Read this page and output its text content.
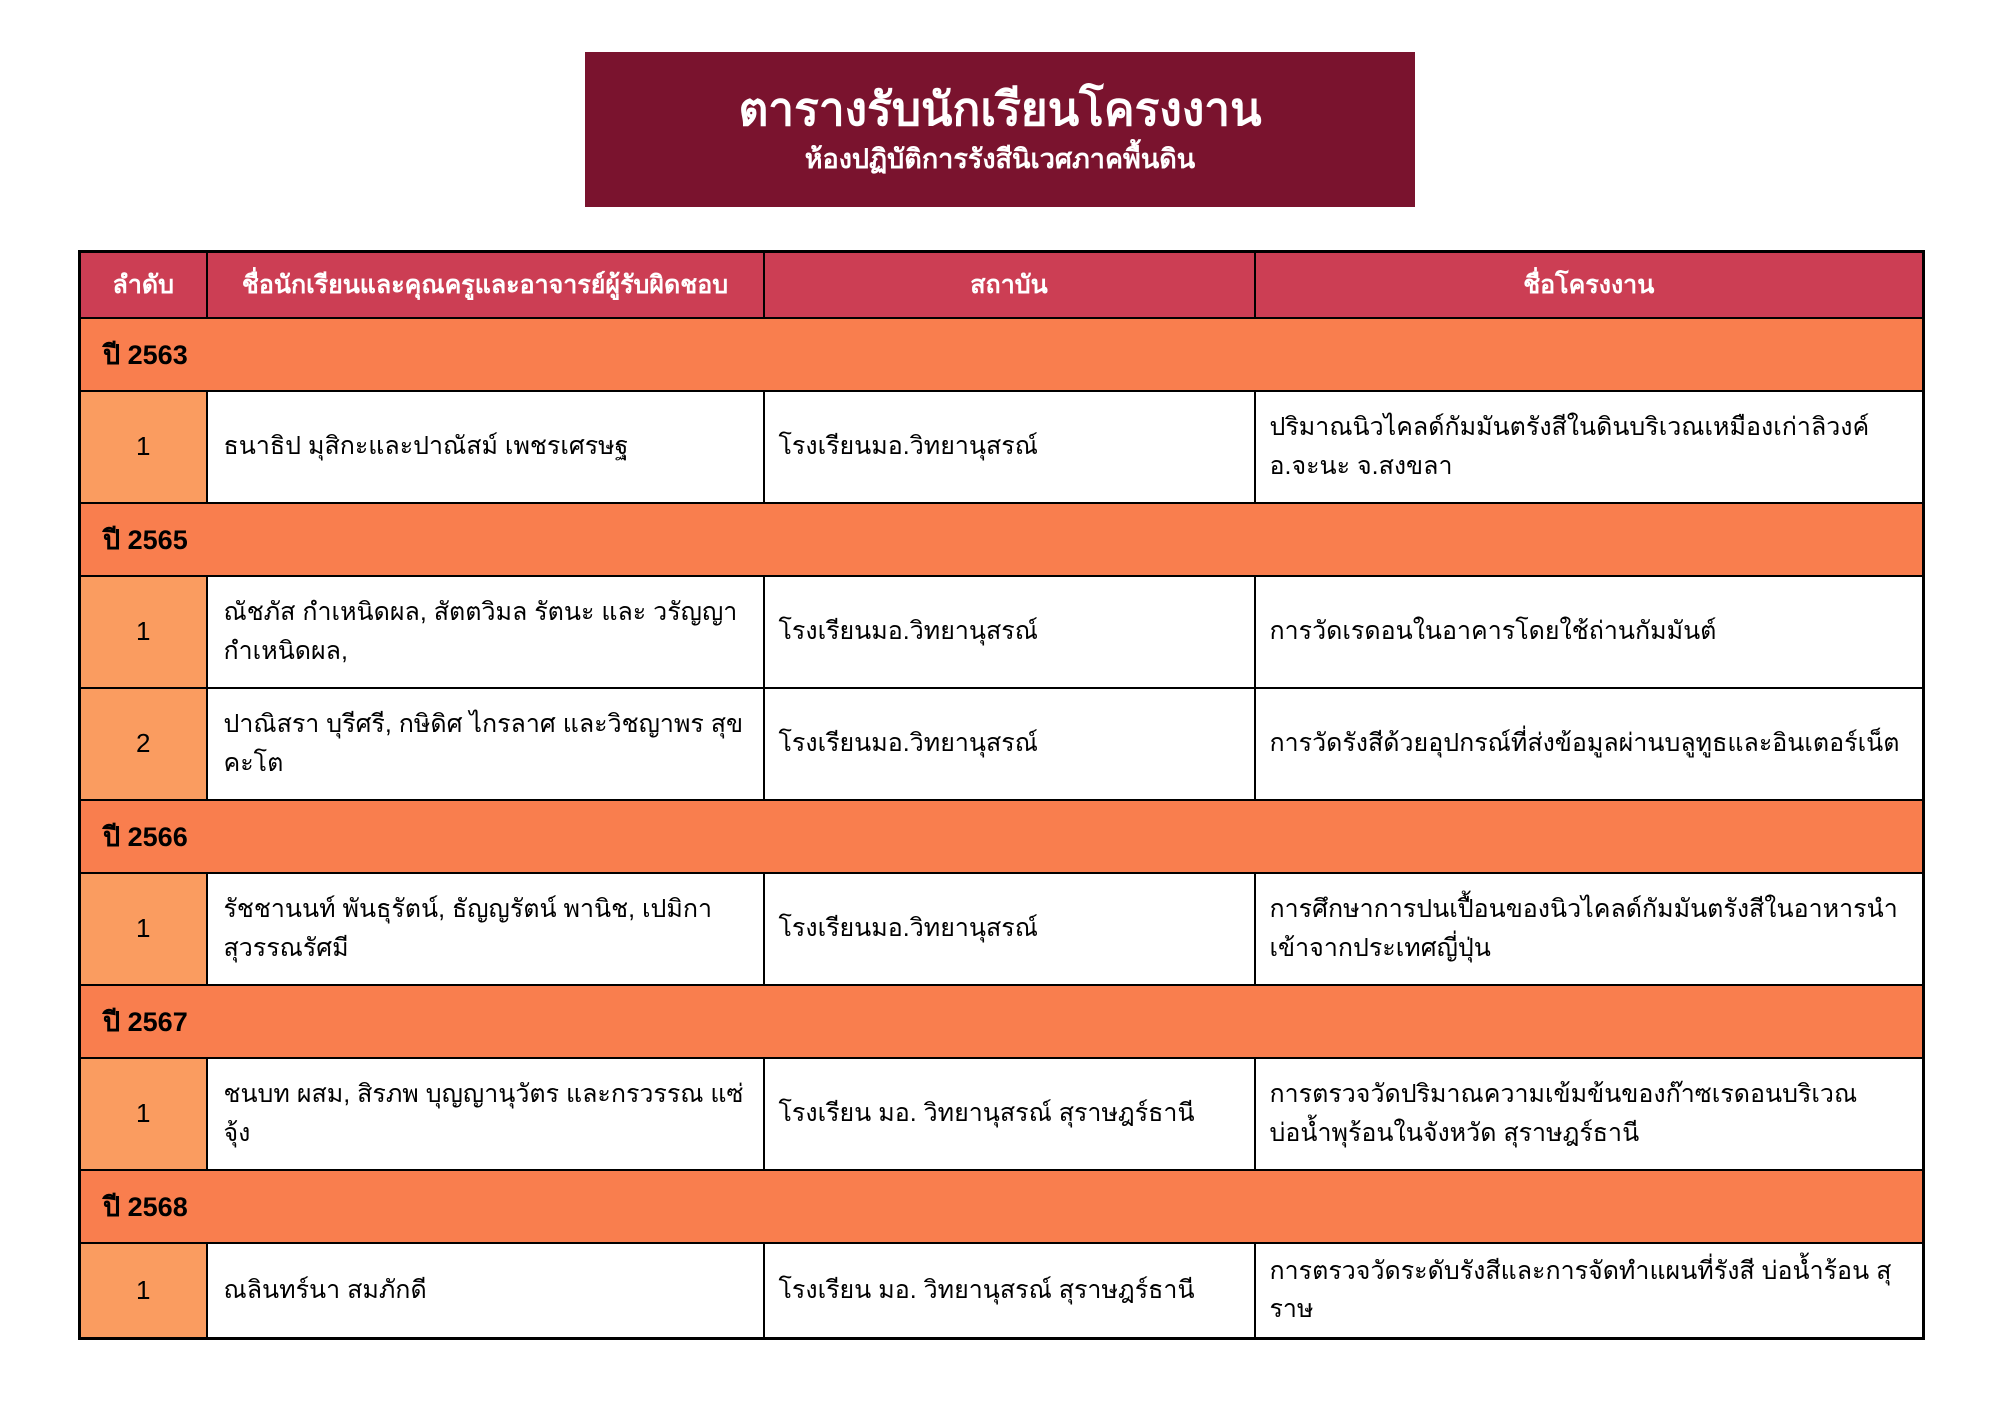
ตารางรับนักเรียนโครงงาน
ห้องปฏิบัติการรังสีนิเวศภาคพื้นดิน
ลำดับ	ชื่อนักเรียนและคุณครูและอาจารย์ผู้รับผิดชอบ	สถาบัน	ชื่อโครงงาน
ปี 2563			
1	ธนาธิป มุสิกะและปาณัสม์ เพชรเศรษฐ	โรงเรียนมอ.วิทยานุสรณ์	ปริมาณนิวไคลด์กัมมันตรังสีในดินบริเวณเหมืองเก่าลิวงค์ อ.จะนะ จ.สงขลา
ปี 2565			
1	ณัชภัส กำเหนิดผล, สัตตวิมล รัตนะ และ วรัญญา กำเหนิดผล,	โรงเรียนมอ.วิทยานุสรณ์	การวัดเรดอนในอาคารโดยใช้ถ่านกัมมันต์
2	ปาณิสรา บุรีศรี, กษิดิศ ไกรลาศ และวิชญาพร สุขคะโต	โรงเรียนมอ.วิทยานุสรณ์	การวัดรังสีด้วยอุปกรณ์ที่ส่งข้อมูลผ่านบลูทูธและอินเตอร์เน็ต
ปี 2566			
1	รัชชานนท์ พันธุรัตน์, ธัญญรัตน์ พานิช, เปมิกา สุวรรณรัศมี	โรงเรียนมอ.วิทยานุสรณ์	การศึกษาการปนเปื้อนของนิวไคลด์กัมมันตรังสีในอาหารนำเข้าจากประเทศญี่ปุ่น
ปี 2567			
1	ชนบท ผสม, สิรภพ บุญญานุวัตร และกรวรรณ แซ่จุ้ง	โรงเรียน มอ. วิทยานุสรณ์ สุราษฎร์ธานี	การตรวจวัดปริมาณความเข้มข้นของก๊าซเรดอนบริเวณบ่อน้ำพุร้อนในจังหวัด สุราษฎร์ธานี
ปี 2568			
1	ณลินทร์นา สมภักดี	โรงเรียน มอ. วิทยานุสรณ์ สุราษฎร์ธานี	การตรวจวัดระดับรังสีและการจัดทำแผนที่รังสี บ่อน้ำร้อน สุราษ
